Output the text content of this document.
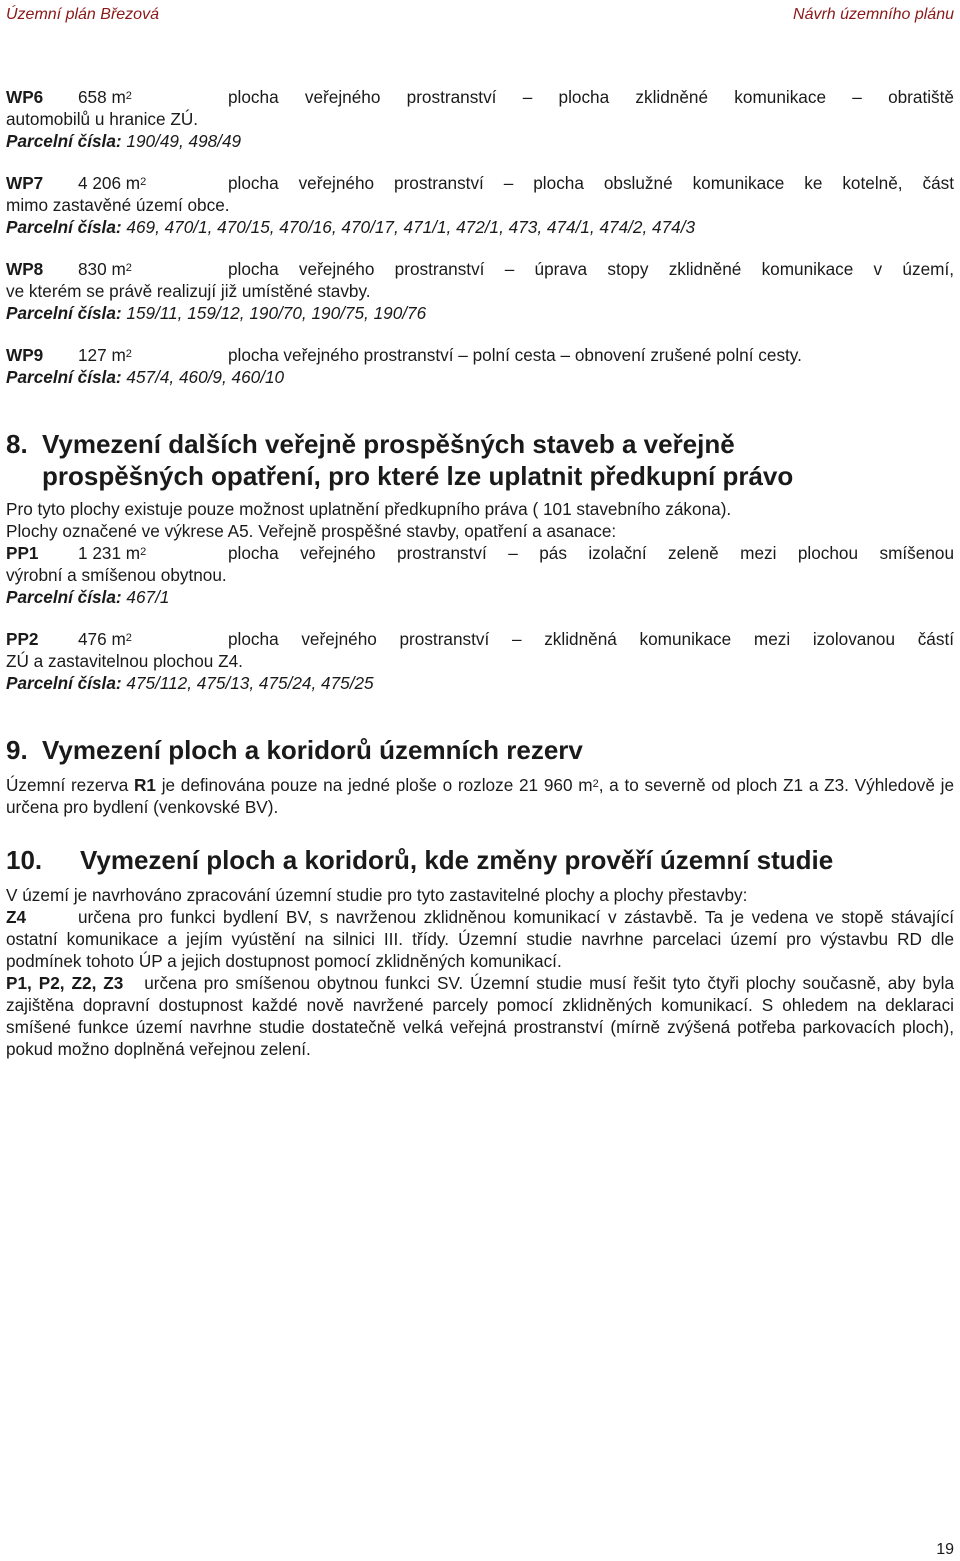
Územní plán Březová	Návrh územního plánu
WP6	658 $m^2$	plocha veřejného prostranství – plocha zklidněné komunikace – obratiště

automobilů u hranice ZÚ.

Parcelní čísla: 190/49, 498/49

WP7	4 206 $m^2$	plocha veřejného prostranství – plocha obslužné komunikace ke kotelně, část

mimo zastavěné území obce.

Parcelní čísla: 469, 470/1, 470/15, 470/16, 470/17, 471/1, 472/1, 473, 474/1, 474/2, 474/3

WP8	830 $m^2$	plocha veřejného prostranství – úprava stopy zklidněné komunikace v území,

ve kterém se právě realizují již umístěné stavby.

Parcelní čísla: 159/11, 159/12, 190/70, 190/75, 190/76

WP9	127 $m^2$	plocha veřejného prostranství – polní cesta – obnovení zrušené polní cesty.

Parcelní čísla: 457/4, 460/9, 460/10

8. Vymezení dalších veřejně prospěšných staveb a veřejně
prospěšných opatření, pro které lze uplatnit předkupní právo

Pro tyto plochy existuje pouze možnost uplatnění předkupního práva ( 101 stavebního zákona).

Plochy označené ve výkrese A5. Veřejně prospěšné stavby, opatření a asanace:

PP1	1 231 $m^2$	plocha veřejného prostranství – pás izolační zeleně mezi plochou smíšenou

výrobní a smíšenou obytnou.

Parcelní čísla: 467/1

PP2	476 $m^2$	plocha veřejného prostranství – zklidněná komunikace mezi izolovanou částí

ZÚ a zastavitelnou plochou Z4.

Parcelní čísla: 475/112, 475/13, 475/24, 475/25

9. Vymezení ploch a koridorů územních rezerv

Územní rezerva R1 je definována pouze na jedné ploše o rozloze 21 960 $m^2$, a to severně od ploch Z1 a Z3. Výhledově je určena pro bydlení (venkovské BV).

10. Vymezení ploch a koridorů, kde změny prověří územní studie

V území je navrhováno zpracování územní studie pro tyto zastavitelné plochy a plochy přestavby:

Z4	určena pro funkci bydlení BV, s navrženou zklidněnou komunikací v zástavbě. Ta je vedena ve stopě stávající ostatní komunikace a jejím vyústění na silnici III. třídy. Územní studie navrhne parcelaci území pro výstavbu RD dle podmínek tohoto ÚP a jejich dostupnost pomocí zklidněných komunikací.

P1, P2, Z2, Z3 určena pro smíšenou obytnou funkci SV. Územní studie musí řešit tyto čtyři plochy současně, aby byla zajištěna dopravní dostupnost každé nově navržené parcely pomocí zklidněných komunikací. S ohledem na deklaraci smíšené funkce území navrhne studie dostatečně velká veřejná prostranství (mírně zvýšená potřeba parkovacích ploch), pokud možno doplněná veřejnou zelení.

19
